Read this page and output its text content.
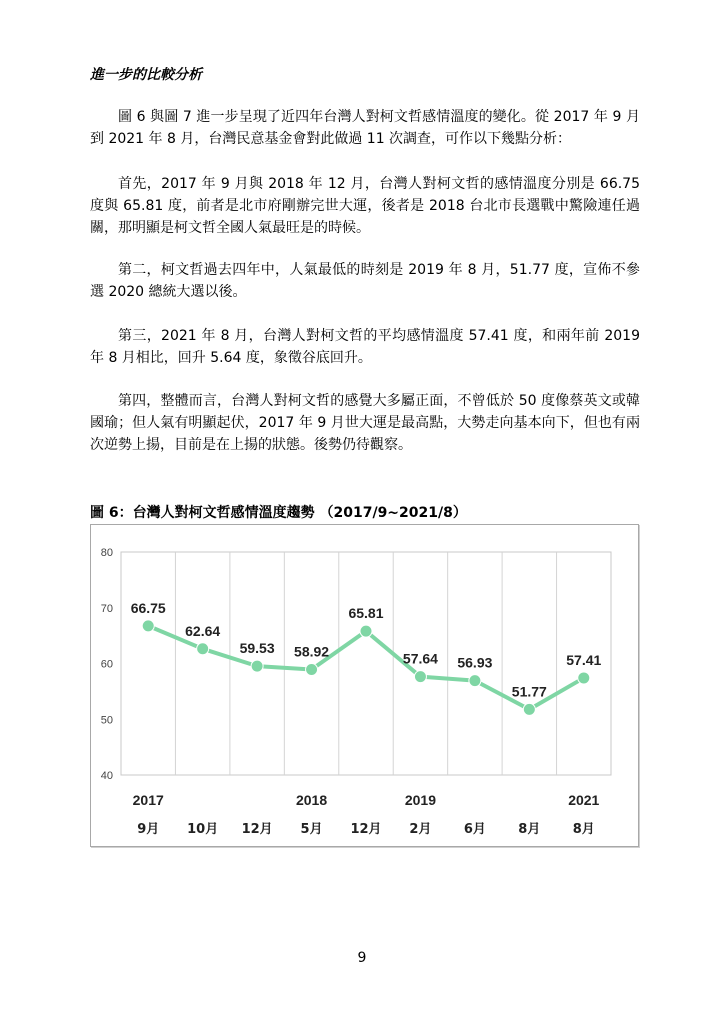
進一步的比較分析

圖 6 與圖 7 進一步呈現了近四年台灣人對柯文哲感情溫度的變化。從 2017 年 9 月到 2021 年 8 月，台灣民意基金會對此做過 11 次調查，可作以下幾點分析：

首先，2017 年 9 月與 2018 年 12 月，台灣人對柯文哲的感情溫度分別是 66.75 度與 65.81 度，前者是北市府剛辦完世大運，後者是 2018 台北市長選戰中驚險連任過關，那明顯是柯文哲全國人氣最旺是的時候。

第二，柯文哲過去四年中，人氣最低的時刻是 2019 年 8 月，51.77 度，宣佈不參選 2020 總統大選以後。

第三，2021 年 8 月，台灣人對柯文哲的平均感情溫度 57.41 度，和兩年前 2019 年 8 月相比，回升 5.64 度，象徵谷底回升。

第四，整體而言，台灣人對柯文哲的感覺大多屬正面，不曾低於 50 度像蔡英文或韓國瑜；但人氣有明顯起伏，2017 年 9 月世大運是最高點，大勢走向基本向下，但也有兩次逆勢上揚，目前是在上揚的狀態。後勢仍待觀察。

圖 6：台灣人對柯文哲感情溫度趨勢 （2017/9~2021/8）
40
50
60
70
80
66.75
62.64
59.53 58.92
65.81
57.64 56.93
51.77
57.41
2017	2018	2019	2021
9月 10月 12月 5月 12月 2月 6月 8月 8月
9
